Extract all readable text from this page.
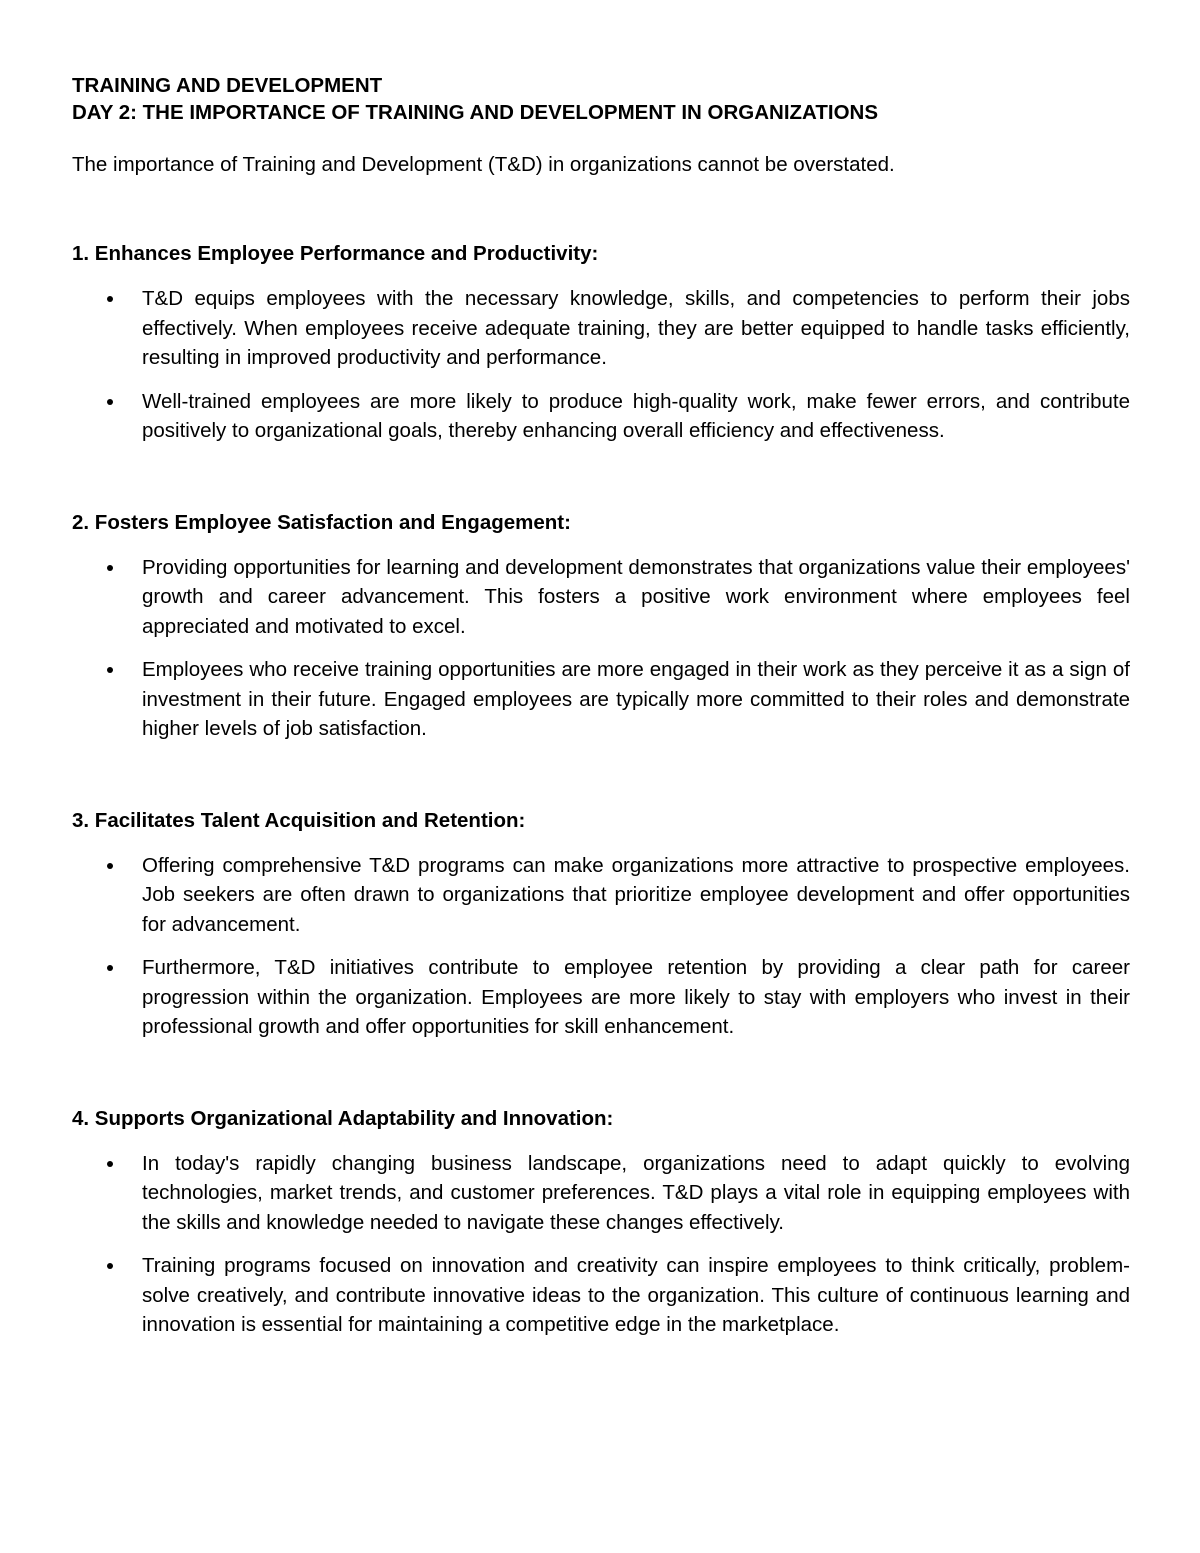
TRAINING AND DEVELOPMENT

DAY 2: THE IMPORTANCE OF TRAINING AND DEVELOPMENT IN ORGANIZATIONS

The importance of Training and Development (T&D) in organizations cannot be overstated.

1. Enhances Employee Performance and Productivity:

T&D equips employees with the necessary knowledge, skills, and competencies to perform their jobs effectively. When employees receive adequate training, they are better equipped to handle tasks efficiently, resulting in improved productivity and performance.
Well-trained employees are more likely to produce high-quality work, make fewer errors, and contribute positively to organizational goals, thereby enhancing overall efficiency and effectiveness.

2. Fosters Employee Satisfaction and Engagement:

Providing opportunities for learning and development demonstrates that organizations value their employees' growth and career advancement. This fosters a positive work environment where employees feel appreciated and motivated to excel.
Employees who receive training opportunities are more engaged in their work as they perceive it as a sign of investment in their future. Engaged employees are typically more committed to their roles and demonstrate higher levels of job satisfaction.

3. Facilitates Talent Acquisition and Retention:

Offering comprehensive T&D programs can make organizations more attractive to prospective employees. Job seekers are often drawn to organizations that prioritize employee development and offer opportunities for advancement.
Furthermore, T&D initiatives contribute to employee retention by providing a clear path for career progression within the organization. Employees are more likely to stay with employers who invest in their professional growth and offer opportunities for skill enhancement.

4. Supports Organizational Adaptability and Innovation:

In today's rapidly changing business landscape, organizations need to adapt quickly to evolving technologies, market trends, and customer preferences. T&D plays a vital role in equipping employees with the skills and knowledge needed to navigate these changes effectively.
Training programs focused on innovation and creativity can inspire employees to think critically, problem-solve creatively, and contribute innovative ideas to the organization. This culture of continuous learning and innovation is essential for maintaining a competitive edge in the marketplace.
